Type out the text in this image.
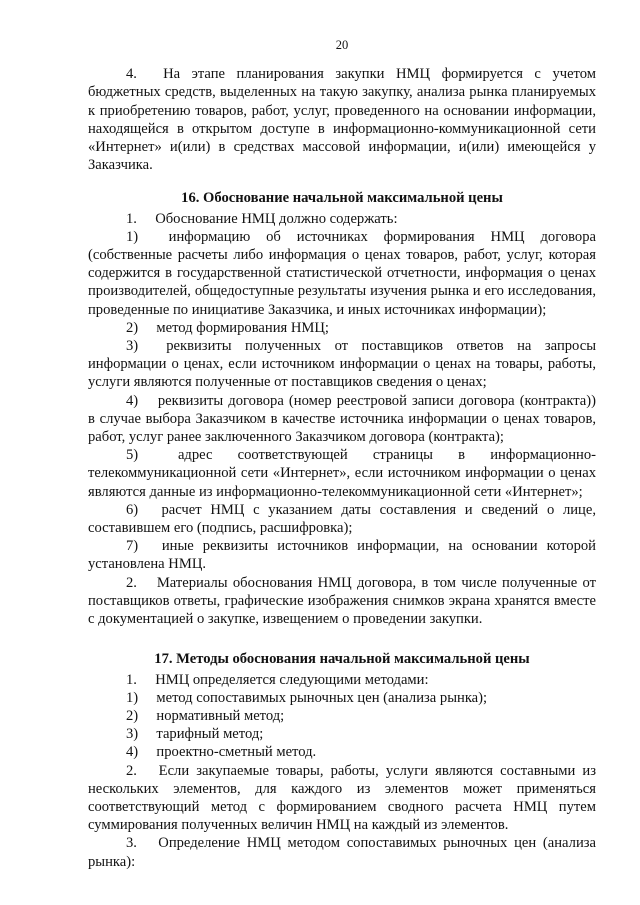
20

4.  На этапе планирования закупки НМЦ формируется с учетом бюджетных средств, выделенных на такую закупку, анализа рынка планируемых к приобретению товаров, работ, услуг, проведенного на основании информации, находящейся в открытом доступе в информационно-коммуникационной сети «Интернет» и(или) в средствах массовой информации, и(или) имеющейся у Заказчика.

16. Обоснование начальной максимальной цены

1.  Обоснование НМЦ должно содержать:

1)  информацию об источниках формирования НМЦ договора (собственные расчеты либо информация о ценах товаров, работ, услуг, которая содержится в государственной статистической отчетности, информация о ценах производителей, общедоступные результаты изучения рынка и его исследования, проведенные по инициативе Заказчика, и иных источниках информации);

2)  метод формирования НМЦ;

3)  реквизиты полученных от поставщиков ответов на запросы информации о ценах, если источником информации о ценах на товары, работы, услуги являются полученные от поставщиков сведения о ценах;

4)  реквизиты договора (номер реестровой записи договора (контракта)) в случае выбора Заказчиком в качестве источника информации о ценах товаров, работ, услуг ранее заключенного Заказчиком договора (контракта);

5)  адрес соответствующей страницы в информационно-телекоммуникационной сети «Интернет», если источником информации о ценах являются данные из информационно-телекоммуникационной сети «Интернет»;

6)  расчет НМЦ с указанием даты составления и сведений о лице, составившем его (подпись, расшифровка);

7)  иные реквизиты источников информации, на основании которой установлена НМЦ.

2.  Материалы обоснования НМЦ договора, в том числе полученные от поставщиков ответы, графические изображения снимков экрана хранятся вместе с документацией о закупке, извещением о проведении закупки.

17. Методы обоснования начальной максимальной цены

1.  НМЦ определяется следующими методами:

1)  метод сопоставимых рыночных цен (анализа рынка);

2)  нормативный метод;

3)  тарифный метод;

4)  проектно-сметный метод.

2.  Если закупаемые товары, работы, услуги являются составными из нескольких элементов, для каждого из элементов может применяться соответствующий метод с формированием сводного расчета НМЦ путем суммирования полученных величин НМЦ на каждый из элементов.

3.  Определение НМЦ методом сопоставимых рыночных цен (анализа рынка):
